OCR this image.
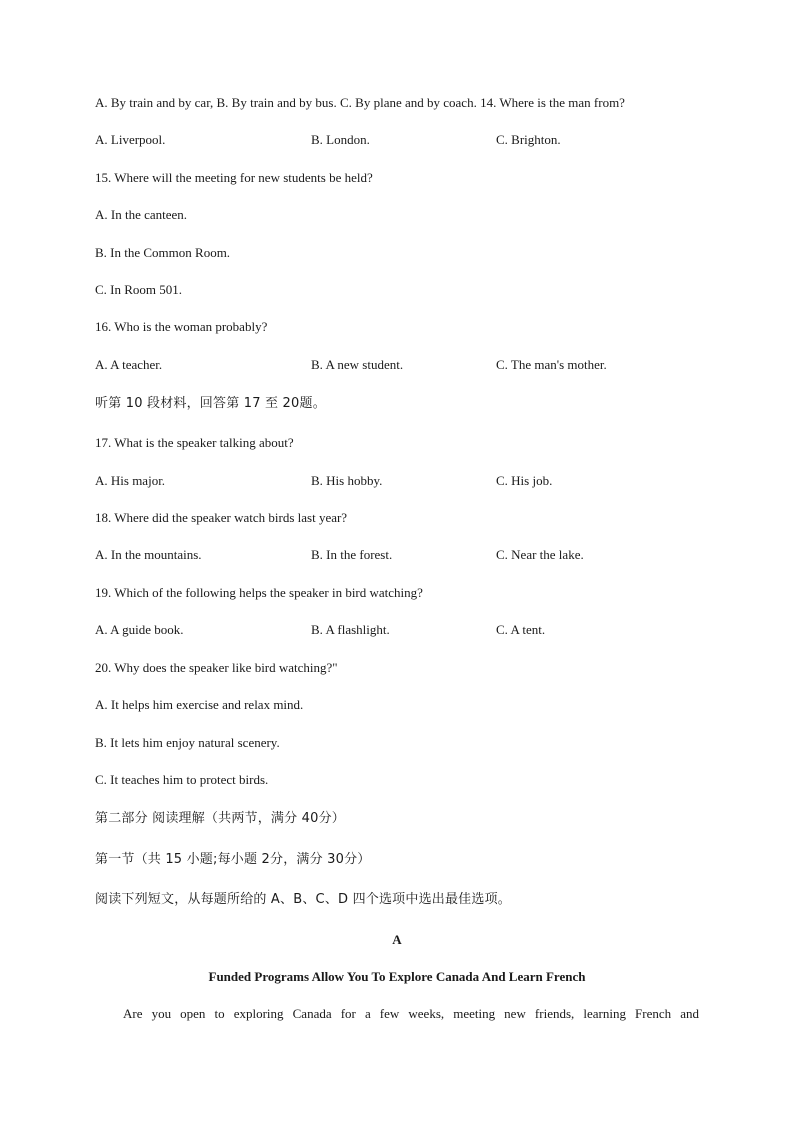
A. By train and by car, B. By train and by bus. C. By plane and by coach. 14. Where is the man from?
A. Liverpool.	B. London.	C. Brighton.
15. Where will the meeting for new students be held?
A. In the canteen.
B. In the Common Room.
C. In Room 501.
16. Who is the woman probably?
A. A teacher.	B. A new student.	C. The man's mother.
听第 10 段材料，回答第 17 至 20题。
17. What is the speaker talking about?
A. His major.	B. His hobby.	C. His job.
18. Where did the speaker watch birds last year?
A. In the mountains.	B. In the forest.	C. Near the lake.
19. Which of the following helps the speaker in bird watching?
A. A guide book.	B. A flashlight.	C. A tent.
20. Why does the speaker like bird watching?"
A. It helps him exercise and relax mind.
B. It lets him enjoy natural scenery.
C. It teaches him to protect birds.
第二部分 阅读理解（共两节，满分 40分）
第一节（共 15 小题;每小题 2分，满分 30分）
阅读下列短文，从每题所给的 A、B、C、D 四个选项中选出最佳选项。
A
Funded Programs Allow You To Explore Canada And Learn French
Are you open to exploring Canada for a few weeks, meeting new friends, learning French and
